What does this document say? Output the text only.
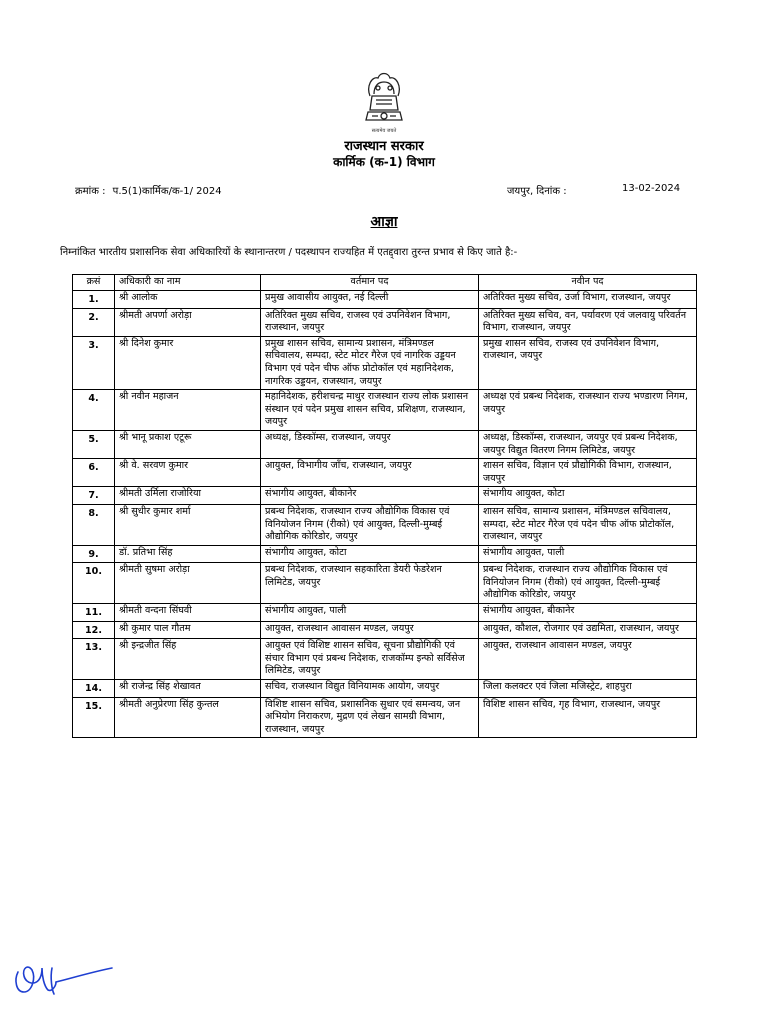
सत्यमेव जयते
राजस्थान सरकार
कार्मिक (क-1) विभाग
क्रमांक : प.5(1)कार्मिक/क-1/ 2024	जयपुर, दिनांक :	13-02-2024
आज्ञा
निम्नांकित भारतीय प्रशासनिक सेवा अधिकारियों के स्थानान्तरण / पदस्थापन राज्यहित में एतद्द्वारा तुरन्त प्रभाव से किए जाते है:-
क्रसं	अधिकारी का नाम	वर्तमान पद	नवीन पद
1.	श्री आलोक	प्रमुख आवासीय आयुक्त, नई दिल्ली	अतिरिक्त मुख्य सचिव, उर्जा विभाग, राजस्थान, जयपुर
2.	श्रीमती अपर्णा अरोड़ा	अतिरिक्त मुख्य सचिव, राजस्व एवं उपनिवेशन विभाग, राजस्थान, जयपुर	अतिरिक्त मुख्य सचिव, वन, पर्यावरण एवं जलवायु परिवर्तन विभाग, राजस्थान, जयपुर
3.	श्री दिनेश कुमार	प्रमुख शासन सचिव, सामान्य प्रशासन, मंत्रिमण्डल सचिवालय, सम्पदा, स्टेट मोटर गैरेज एवं नागरिक उड्डयन विभाग एवं पदेन चीफ ऑफ प्रोटोकॉल एवं महानिदेशक, नागरिक उड्डयन, राजस्थान, जयपुर	प्रमुख शासन सचिव, राजस्व एवं उपनिवेशन विभाग, राजस्थान, जयपुर
4.	श्री नवीन महाजन	महानिदेशक, हरीशचन्द्र माथुर राजस्थान राज्य लोक प्रशासन संस्थान एवं पदेन प्रमुख शासन सचिव, प्रशिक्षण, राजस्थान, जयपुर	अध्यक्ष एवं प्रबन्ध निदेशक, राजस्थान राज्य भण्डारण निगम, जयपुर
5.	श्री भानू प्रकाश एटूरू	अध्यक्ष, डिस्कॉम्स, राजस्थान, जयपुर	अध्यक्ष, डिस्कॉम्स, राजस्थान, जयपुर एवं प्रबन्ध निदेशक, जयपुर विद्युत वितरण निगम लिमिटेड, जयपुर
6.	श्री वे. सरवण कुमार	आयुक्त, विभागीय जाँच, राजस्थान, जयपुर	शासन सचिव, विज्ञान एवं प्रौद्योगिकी विभाग, राजस्थान, जयपुर
7.	श्रीमती उर्मिला राजोरिया	संभागीय आयुक्त, बीकानेर	संभागीय आयुक्त, कोटा
8.	श्री सुधीर कुमार शर्मा	प्रबन्ध निदेशक, राजस्थान राज्य औद्योगिक विकास एवं विनियोजन निगम (रीको) एवं आयुक्त, दिल्ली-मुम्बई औद्योगिक कोरिडोर, जयपुर	शासन सचिव, सामान्य प्रशासन, मंत्रिमण्डल सचिवालय, सम्पदा, स्टेट मोटर गैरेज एवं पदेन चीफ ऑफ प्रोटोकॉल, राजस्थान, जयपुर
9.	डॉ. प्रतिभा सिंह	संभागीय आयुक्त, कोटा	संभागीय आयुक्त, पाली
10.	श्रीमती सुषमा अरोड़ा	प्रबन्ध निदेशक, राजस्थान सहकारिता डेयरी फेडरेशन लिमिटेड, जयपुर	प्रबन्ध निदेशक, राजस्थान राज्य औद्योगिक विकास एवं विनियोजन निगम (रीको) एवं आयुक्त, दिल्ली-मुम्बई औद्योगिक कोरिडोर, जयपुर
11.	श्रीमती वन्दना सिंघवी	संभागीय आयुक्त, पाली	संभागीय आयुक्त, बीकानेर
12.	श्री कुमार पाल गौतम	आयुक्त, राजस्थान आवासन मण्डल, जयपुर	आयुक्त, कौशल, रोजगार एवं उद्यमिता, राजस्थान, जयपुर
13.	श्री इन्द्रजीत सिंह	आयुक्त एवं विशिष्ट शासन सचिव, सूचना प्रौद्योगिकी एवं संचार विभाग एवं प्रबन्ध निदेशक, राजकॉम्प इन्फो सर्विसेज लिमिटेड, जयपुर	आयुक्त, राजस्थान आवासन मण्डल, जयपुर
14.	श्री राजेन्द्र सिंह शेखावत	सचिव, राजस्थान विद्युत विनियामक आयोग, जयपुर	जिला कलक्टर एवं जिला मजिस्ट्रेट, शाहपुरा
15.	श्रीमती अनुप्रेरणा सिंह कुन्तल	विशिष्ट शासन सचिव, प्रशासनिक सुधार एवं समन्वय, जन अभियोग निराकरण, मुद्रण एवं लेखन सामग्री विभाग, राजस्थान, जयपुर	विशिष्ट शासन सचिव, गृह विभाग, राजस्थान, जयपुर
